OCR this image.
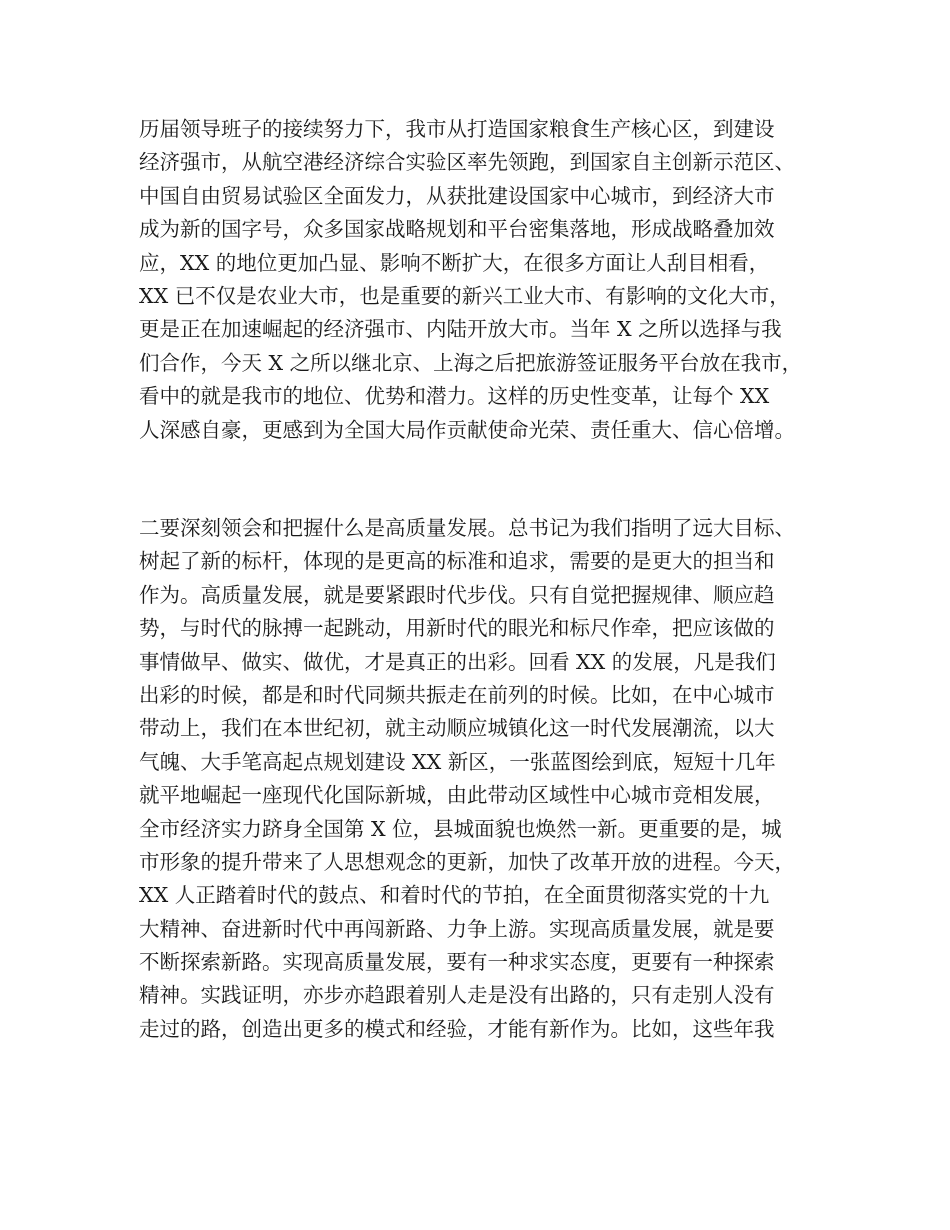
历届领导班子的接续努力下，我市从打造国家粮食生产核心区，到建设
经济强市，从航空港经济综合实验区率先领跑，到国家自主创新示范区、
中国自由贸易试验区全面发力，从获批建设国家中心城市，到经济大市
成为新的国字号，众多国家战略规划和平台密集落地，形成战略叠加效
应，XX 的地位更加凸显、影响不断扩大，在很多方面让人刮目相看，
XX 已不仅是农业大市，也是重要的新兴工业大市、有影响的文化大市，
更是正在加速崛起的经济强市、内陆开放大市。当年 X 之所以选择与我
们合作，今天 X 之所以继北京、上海之后把旅游签证服务平台放在我市，
看中的就是我市的地位、优势和潜力。这样的历史性变革，让每个 XX
人深感自豪，更感到为全国大局作贡献使命光荣、责任重大、信心倍增。
二要深刻领会和把握什么是高质量发展。总书记为我们指明了远大目标、
树起了新的标杆，体现的是更高的标准和追求，需要的是更大的担当和
作为。高质量发展，就是要紧跟时代步伐。只有自觉把握规律、顺应趋
势，与时代的脉搏一起跳动，用新时代的眼光和标尺作牵，把应该做的
事情做早、做实、做优，才是真正的出彩。回看 XX 的发展，凡是我们
出彩的时候，都是和时代同频共振走在前列的时候。比如，在中心城市
带动上，我们在本世纪初，就主动顺应城镇化这一时代发展潮流，以大
气魄、大手笔高起点规划建设 XX 新区，一张蓝图绘到底，短短十几年
就平地崛起一座现代化国际新城，由此带动区域性中心城市竞相发展，
全市经济实力跻身全国第 X 位，县城面貌也焕然一新。更重要的是，城
市形象的提升带来了人思想观念的更新，加快了改革开放的进程。今天，
XX 人正踏着时代的鼓点、和着时代的节拍，在全面贯彻落实党的十九
大精神、奋进新时代中再闯新路、力争上游。实现高质量发展，就是要
不断探索新路。实现高质量发展，要有一种求实态度，更要有一种探索
精神。实践证明，亦步亦趋跟着别人走是没有出路的，只有走别人没有
走过的路，创造出更多的模式和经验，才能有新作为。比如，这些年我
